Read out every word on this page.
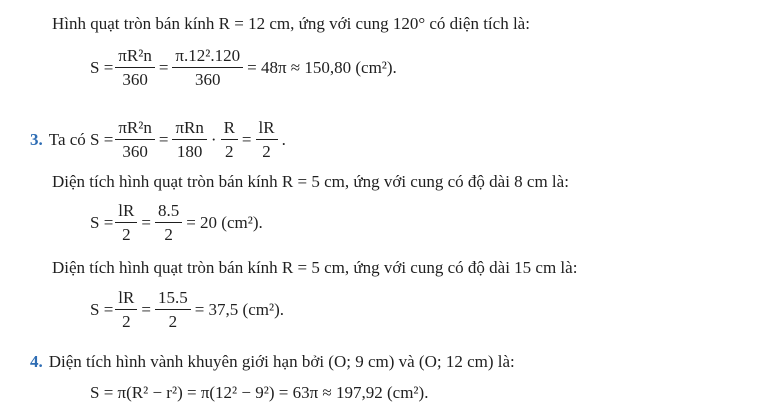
Hình quạt tròn bán kính R = 12 cm, ứng với cung 120° có diện tích là:
$S = \frac{\text{πR²n}}{360} = \frac{\text{π.12².120}}{360} = 48\pi \approx 150,80$ (cm²).
3. Ta có $S = \frac{\text{πR²n}}{360} = \frac{\text{πRn}}{180} \cdot \frac{R}{2} = \frac{lR}{2}$ .
Diện tích hình quạt tròn bán kính R = 5 cm, ứng với cung có độ dài 8 cm là:
$S = \frac{lR}{2} = \frac{8.5}{2} = 20$ (cm²).
Diện tích hình quạt tròn bán kính R = 5 cm, ứng với cung có độ dài 15 cm là:
$S = \frac{lR}{2} = \frac{15.5}{2} = 37,5$ (cm²).
4. Diện tích hình vành khuyên giới hạn bởi (O; 9 cm) và (O; 12 cm) là:
S = π(R² − r²) = π(12² − 9²) = 63π ≈ 197,92 (cm²).
